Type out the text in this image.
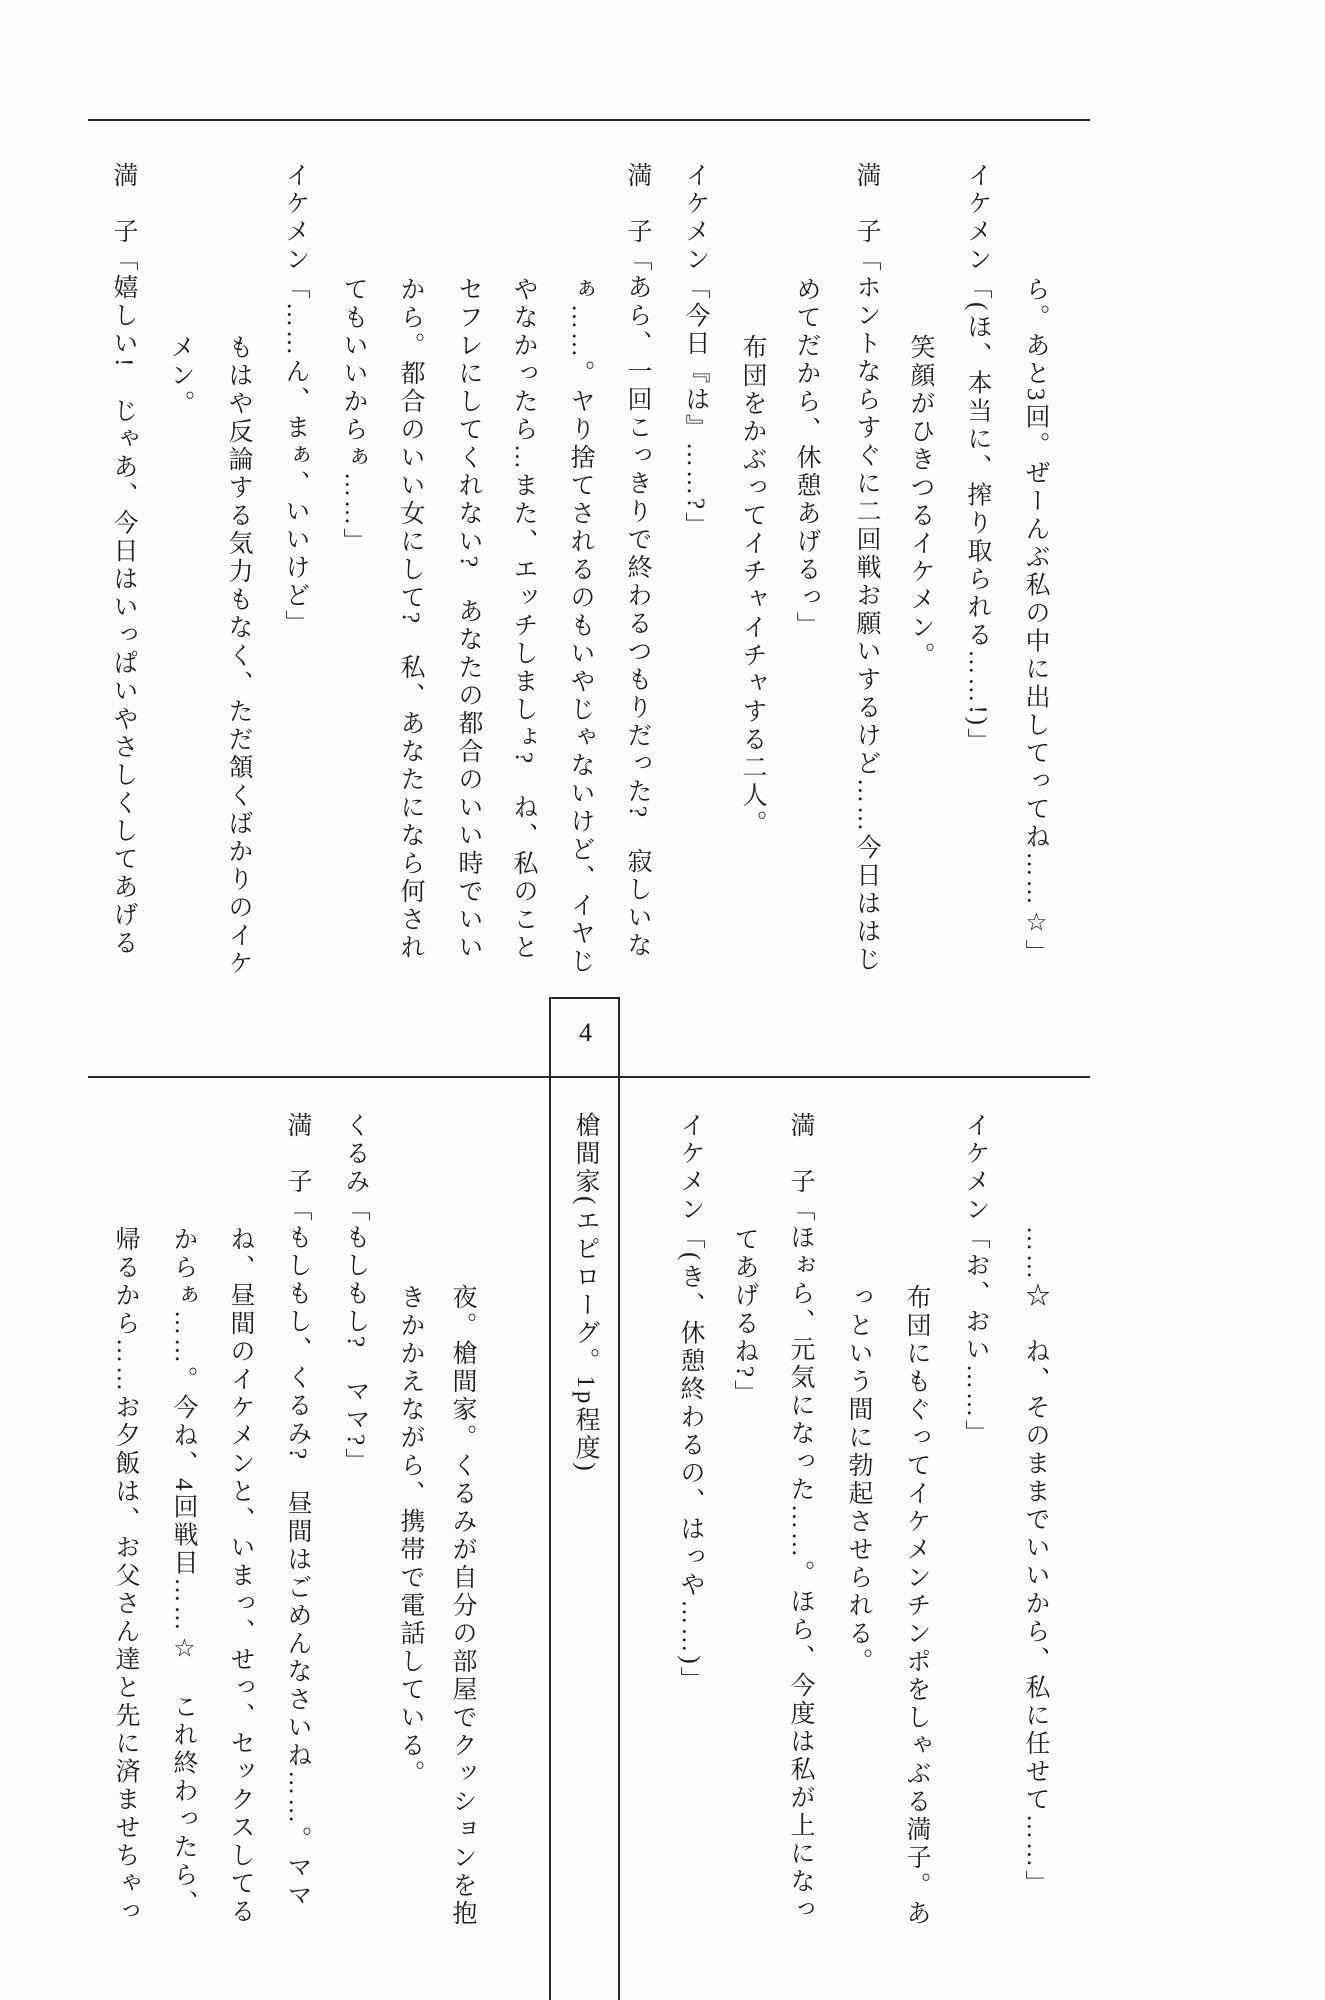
4
槍間家(エピローグ。1p程度)
ら。あと3回。ぜーんぶ私の中に出してってね……☆」
イケメン「(ほ、本当に、搾り取られる……!)」
笑顔がひきつるイケメン。
満　子「ホントならすぐに二回戦お願いするけど……今日ははじ
めてだから、休憩あげるっ」
布団をかぶってイチャイチャする二人。
イケメン「今日『は』……?」
満　子「あら、一回こっきりで終わるつもりだった?　寂しいな
ぁ……。ヤり捨てされるのもいやじゃないけど、イヤじ
やなかったら…また、エッチしましょ?　ね、私のこと
セフレにしてくれない?　あなたの都合のいい時でいい
から。都合のいい女にして?　私、あなたになら何され
てもいいからぁ……」
イケメン「……ん、まぁ、いいけど」
もはや反論する気力もなく、ただ頷くばかりのイケ
メン。
満　子「嬉しい!　じゃあ、今日はいっぱいやさしくしてあげる
……☆　ね、そのままでいいから、私に任せて……」
イケメン「お、おい……」
布団にもぐってイケメンチンポをしゃぶる満子。あ
っという間に勃起させられる。
満　子「ほぉら、元気になった……。ほら、今度は私が上になっ
てあげるね?」
イケメン「(き、休憩終わるの、はっや……)」
夜。槍間家。くるみが自分の部屋でクッションを抱
きかかえながら、携帯で電話している。
くるみ「もしもし?　ママ?」
満　子「もしもし、くるみ?　昼間はごめんなさいね……。ママ
ね、昼間のイケメンと、いまっ、せっ、セックスしてる
からぁ……。今ね、4回戦目……☆　これ終わったら、
帰るから……お夕飯は、お父さん達と先に済ませちゃっ
